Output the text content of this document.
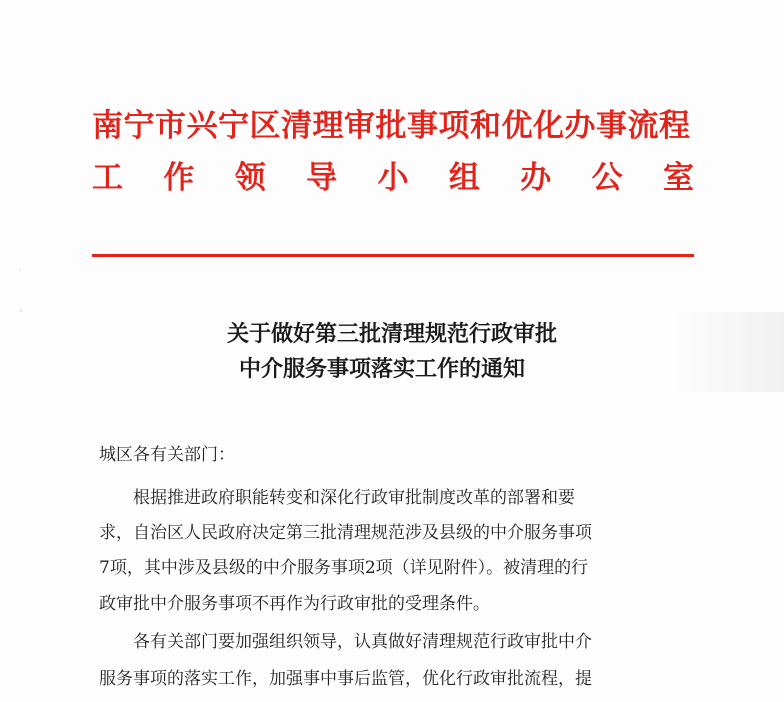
·
◦
南宁市兴宁区清理审批事项和优化办事流程
工 作 领 导 小 组 办 公 室
关于做好第三批清理规范行政审批
中介服务事项落实工作的通知
城区各有关部门：
根据推进政府职能转变和深化行政审批制度改革的部署和要
求，自治区人民政府决定第三批清理规范涉及县级的中介服务事项
7项，其中涉及县级的中介服务事项2项（详见附件）。被清理的行
政审批中介服务事项不再作为行政审批的受理条件。
各有关部门要加强组织领导，认真做好清理规范行政审批中介
服务事项的落实工作，加强事中事后监管，优化行政审批流程，提
